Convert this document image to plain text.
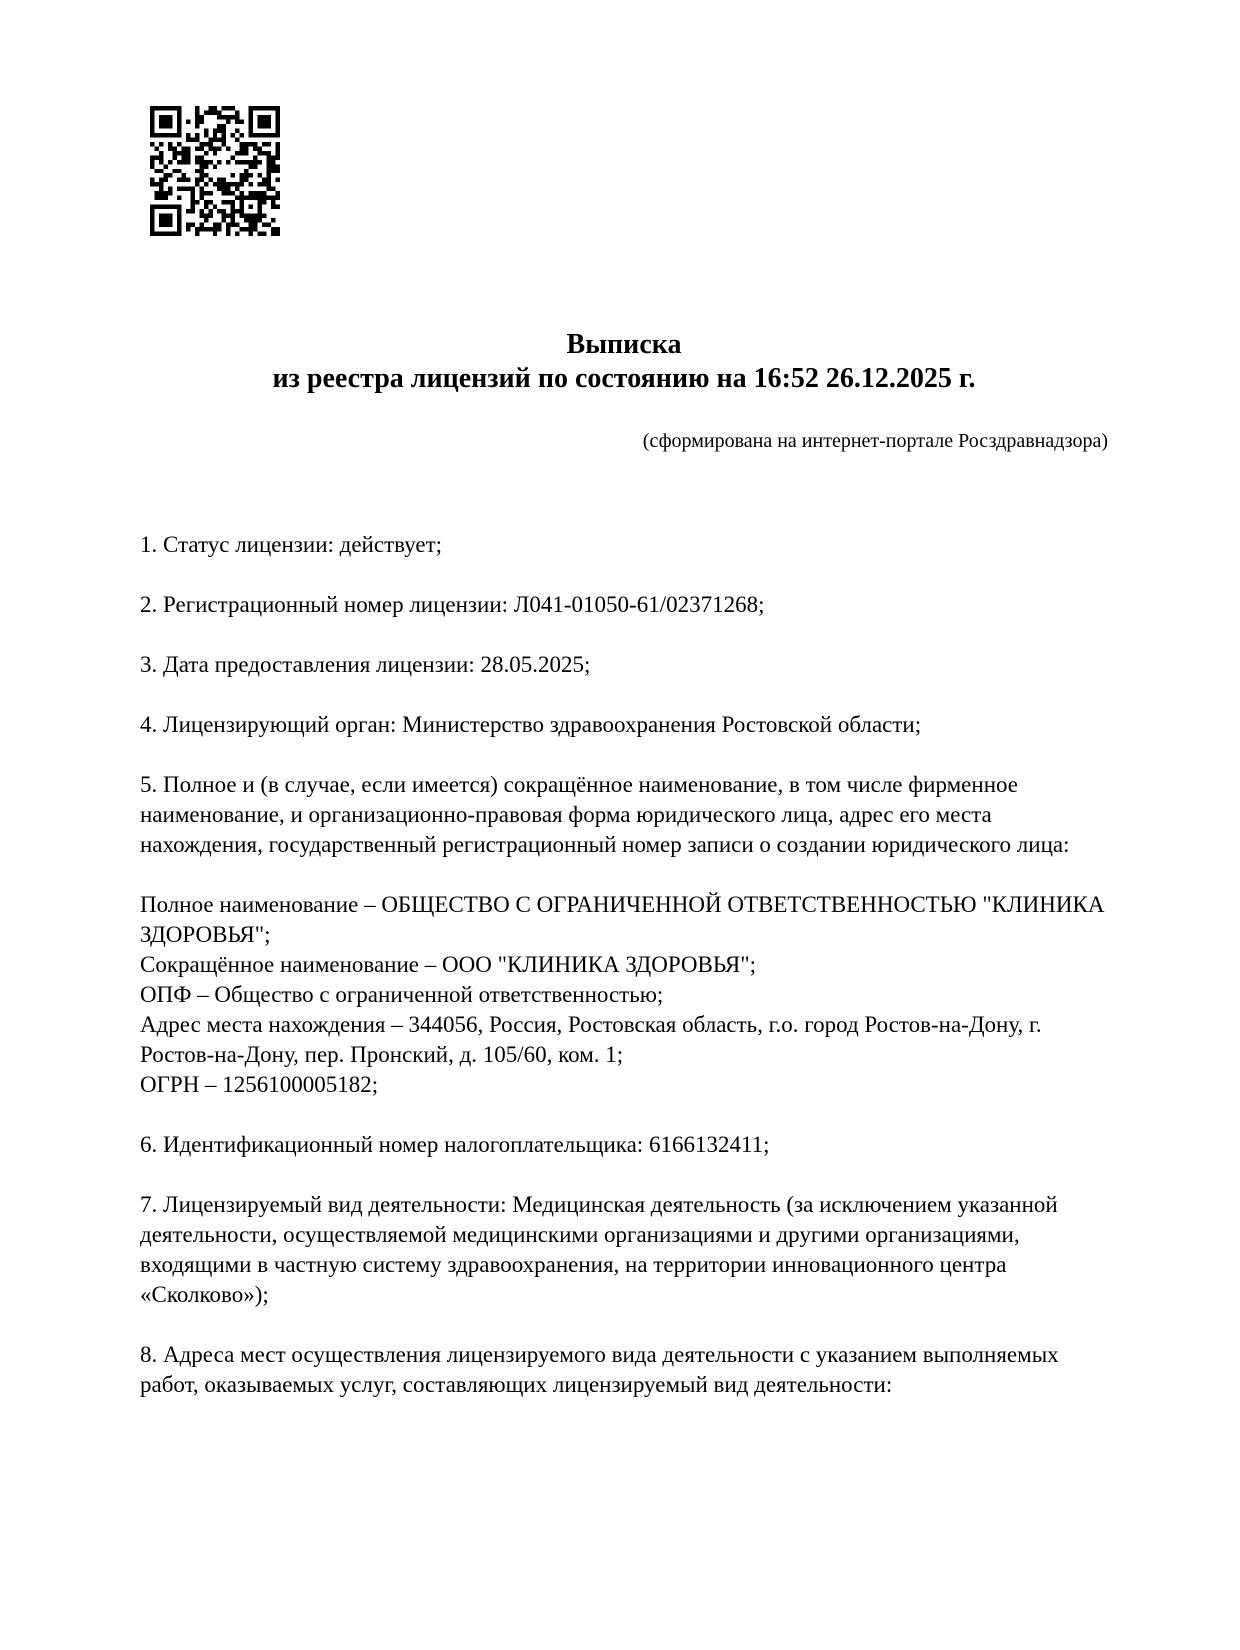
Выписка
из реестра лицензий по состоянию на 16:52 26.12.2025 г.
(сформирована на интернет-портале Росздравнадзора)

1. Статус лицензии: действует;

2. Регистрационный номер лицензии: Л041-01050-61/02371268;

3. Дата предоставления лицензии: 28.05.2025;

4. Лицензирующий орган: Министерство здравоохранения Ростовской области;

5. Полное и (в случае, если имеется) сокращённое наименование, в том числе фирменное наименование, и организационно-правовая форма юридического лица, адрес его места нахождения, государственный регистрационный номер записи о создании юридического лица:

Полное наименование – ОБЩЕСТВО С ОГРАНИЧЕННОЙ ОТВЕТСТВЕННОСТЬЮ "КЛИНИКА ЗДОРОВЬЯ";
Сокращённое наименование – ООО "КЛИНИКА ЗДОРОВЬЯ";
ОПФ – Общество с ограниченной ответственностью;
Адрес места нахождения – 344056, Россия, Ростовская область, г.о. город Ростов-на-Дону, г. Ростов-на-Дону, пер. Пронский, д. 105/60, ком. 1;
ОГРН – 1256100005182;

6. Идентификационный номер налогоплательщика: 6166132411;

7. Лицензируемый вид деятельности: Медицинская деятельность (за исключением указанной деятельности, осуществляемой медицинскими организациями и другими организациями, входящими в частную систему здравоохранения, на территории инновационного центра «Сколково»);

8. Адреса мест осуществления лицензируемого вида деятельности с указанием выполняемых работ, оказываемых услуг, составляющих лицензируемый вид деятельности:
